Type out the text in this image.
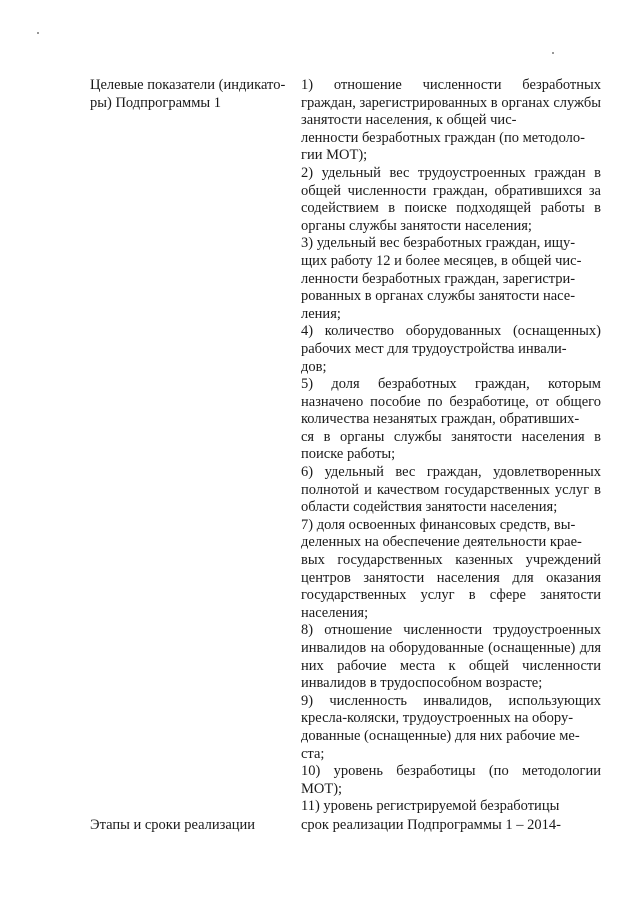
Целевые показатели (индикато-
ры) Подпрограммы 1

1) отношение численности безработных граждан, зарегистрированных в органах службы занятости населения, к общей чис-
ленности безработных граждан (по методоло-
гии МОТ);

2) удельный вес трудоустроенных граждан в общей численности граждан, обратившихся за содействием в поиске подходящей работы в органы службы занятости населения;

3) удельный вес безработных граждан, ищу-
щих работу 12 и более месяцев, в общей чис-
ленности безработных граждан, зарегистри-
рованных в органах службы занятости насе-
ления;

4) количество оборудованных (оснащенных) рабочих мест для трудоустройства инвали-
дов;

5) доля безработных граждан, которым назначено пособие по безработице, от общего количества незанятых граждан, обративших-
ся в органы службы занятости населения в поиске работы;

6) удельный вес граждан, удовлетворенных полнотой и качеством государственных услуг в области содействия занятости населения;

7) доля освоенных финансовых средств, вы-
деленных на обеспечение деятельности крае-
вых государственных казенных учреждений центров занятости населения для оказания государственных услуг в сфере занятости населения;

8) отношение численности трудоустроенных инвалидов на оборудованные (оснащенные) для них рабочие места к общей численности инвалидов в трудоспособном возрасте;

9) численность инвалидов, использующих кресла-коляски, трудоустроенных на обору-
дованные (оснащенные) для них рабочие ме-
ста;

10) уровень безработицы (по методологии МОТ);

11) уровень регистрируемой безработицы

Этапы и сроки реализации	срок реализации Подпрограммы 1 – 2014-
